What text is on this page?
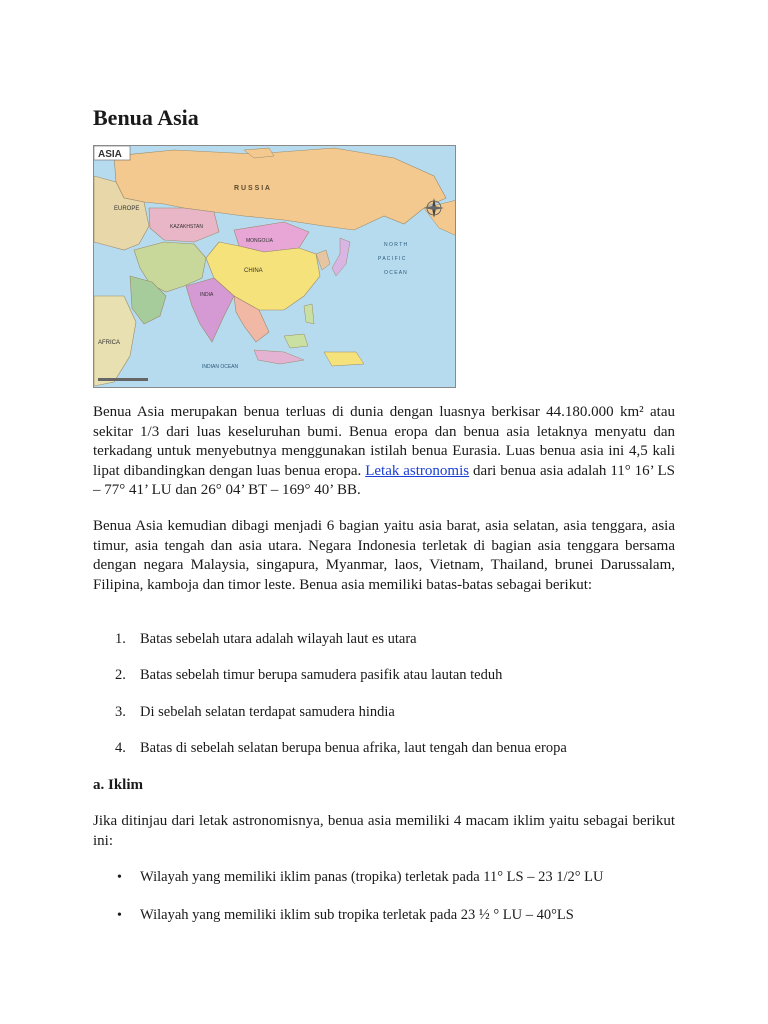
Benua Asia
ASIA
R U S S I A
EUROPE
KAZAKHSTAN
MONGOLIA
CHINA
INDIA
AFRICA
N O R T H
P A C I F I C
O C E A N
INDIAN OCEAN

Benua Asia merupakan benua terluas di dunia dengan luasnya berkisar 44.180.000 km² atau sekitar 1/3 dari luas keseluruhan bumi. Benua eropa dan benua asia letaknya menyatu dan terkadang untuk menyebutnya menggunakan istilah benua Eurasia. Luas benua asia ini 4,5 kali lipat dibandingkan dengan luas benua eropa. Letak astronomis dari benua asia adalah 11° 16’ LS – 77° 41’ LU dan 26° 04’ BT – 169° 40’ BB.

Benua Asia kemudian dibagi menjadi 6 bagian yaitu asia barat, asia selatan, asia tenggara, asia timur, asia tengah dan asia utara. Negara Indonesia terletak di bagian asia tenggara bersama dengan negara Malaysia, singapura, Myanmar, laos, Vietnam, Thailand, brunei Darussalam, Filipina, kamboja dan timor leste. Benua asia memiliki batas-batas sebagai berikut:

1. Batas sebelah utara adalah wilayah laut es utara
2. Batas sebelah timur berupa samudera pasifik atau lautan teduh
3. Di sebelah selatan terdapat samudera hindia
4. Batas di sebelah selatan berupa benua afrika, laut tengah dan benua eropa
a. Iklim

Jika ditinjau dari letak astronomisnya, benua asia memiliki 4 macam iklim yaitu sebagai berikut ini:

• Wilayah yang memiliki iklim panas (tropika) terletak pada 11° LS – 23 1/2° LU
• Wilayah yang memiliki iklim sub tropika terletak pada 23 ½ ° LU – 40°LS
